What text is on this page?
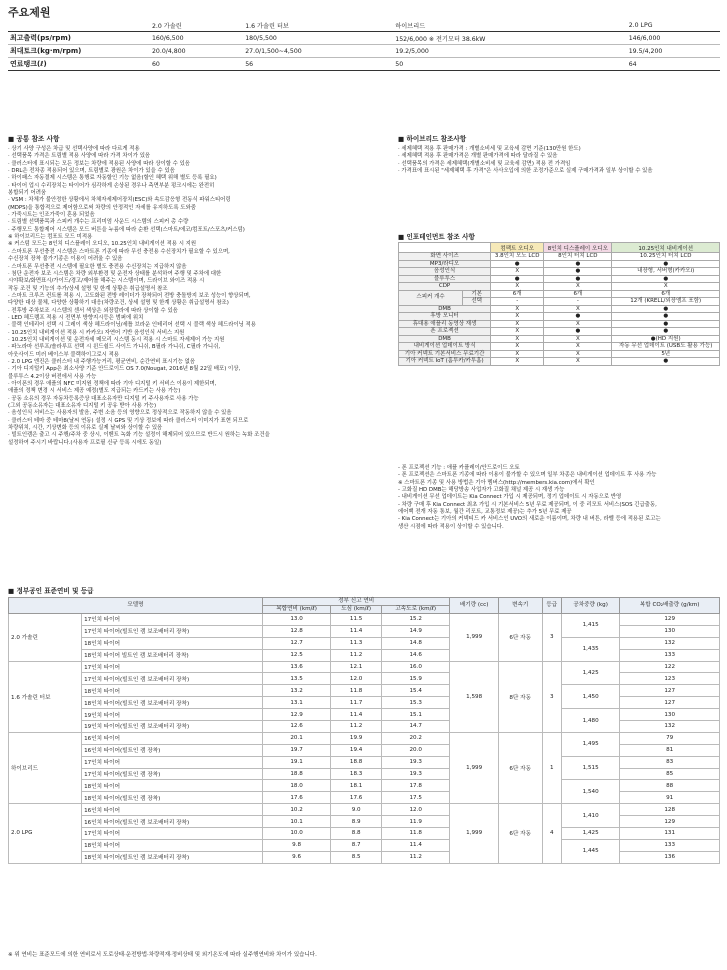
주요제원
	2.0 가솔린	1.6 가솔린 터보	하이브리드	2.0 LPG
최고출력(ps/rpm)	160/6,500	180/5,500	152/6,000 ※ 전기모터 38.6kW	146/6,000
최대토크(kg·m/rpm)	20.0/4,800	27.0/1,500~4,500	19.2/5,000	19.5/4,200
연료탱크(ℓ)	60	56	50	64
■ 공통 참조 사항
· 상기 사양 구성은 차급 및 선택사양에 따라 다르게 적용
· 선택품목 가격은 트림별 적용 사양에 따라 가격 차이가 있음
· 클러스터에 표시되는 모든 정보는 차량에 적용된 사양에 따라 상이할 수 있음
· DRL은 전차종 적용되어 있으며, 트림별로 광원은 차이가 있을 수 있음
· 하이패스 자동결제 시스템은 통행료 자동할인 기능 없음(할인 혜택 위해 별도 등록 필요)
· 타이어 업시 수리장치는 타이어가 심각하게 손상된 경우나 측면부분 펑크시에는 완전히
봉합되기 어려움
· VSM : 차체가 불안정한 상황에서 차체자세제어장치(ESC)와 속도감응형 전동식 파워스티어링
(MDPS)을 통합적으로 제어함으로써 차량의 안정적인 자세를 유지하도록 도와줌
· 가죽시트는 인조가죽이 혼용 되었음
· 트림별 선택품목과 스피커 개수는 프리미엄 사운드 시스템의 스피커 총 수량
· 주행모드 통합제어 시스템은 모드 버튼을 누름에 따라 순환 선택(스마트/에코/컴포트/스포츠/커스텀)
※ 하이브리드는 컴포트 모드 미적용
※ 커스텀 모드는 8인치 디스플레이 오디오, 10.25인치 내비게이션 적용 시 지원
· 스마트폰 무선충전 시스템은 스마트폰 기종에 따라 무선 충전용 수신장치가 필요할 수 있으며,
수신장치 장착 불가기종은 이용이 어려울 수 있음
· 스마트폰 무선충전 시스템에 필요한 별도 충전용 수신장치는 지급하지 않음
· 첨단 운전자 보조 시스템은 차량 외부환경 및 운전자 상태를 분석하여 주행 및 주차에 대한
시야확보/화면표시/가이드/경고/제어를 해주는 시스템이며, 드라이브 와이즈 적용 시
작동 조건 및 기능의 추가/상세 설명 및 한계 상황은 취급설명서 참조
· 스마트 크루즈 컨트롤 적용 시, 고도화된 전방 레이더가 장착되어 전방 충돌방지 보조 성능이 향상되며,
다양한 대상 물체, 다양한 상황하기 대응(차량조건, 상세 설명 및 한계 상황은 취급설명서 참조)
· 전후방 주차보조 시스템의 센서 색상은 외장칼라에 따라 상이할 수 있음
· LED 헤드램프 적용 시 전면부 방향지시등은 범퍼에 위치
· 블랙 인테리어 선택 시 그레이 색상 헤드라이닝/세틀 브라운 인테리어 선택 시 블랙 색상 헤드라이닝 적용
· 10.25인치 내비게이션 적용 시 카카오i 자연어 기반 음성인식 서비스 지원
· 10.25인치 내비게이션 및 운전자세 메모리 시스템 동시 적용 시 스마트 자세제어 가능 지원
· 파노라마 선루프/솔라루프 선택 시 윈드쉴드 사이드 가니쉬, B필라 가니쉬, C필라 가니쉬,
아웃사이드 미러 베이스부 블랙하이그로시 적용
· 2.0 LPG 엔진은 클러스터 내 주행가능거리, 평균연비, 순간연비 표시기능 없음
· 기아 디지털키 App은 최소사양 기준 안드로이드 OS 7.0(Nougat, 2016년 8월 22일 배포) 이상,
블루투스 4.2이상 버전에서 사용 가능
· 아이폰의 경우 애플의 NFC 미지원 정책에 따라 기아 디지털 키 서비스 이용이 제한되며,
애플의 정책 변경 시 서비스 제공 예정(별도 지급되는 카드키는 사용 가능)
· 공동 소유의 경우 자동차등록증상 대표소유자만 디지털 키 주사용자로 사용 가능
(그외 공동소유자는 대표소유자 디지털 키 공유 받아 사용 가능)
· 음성인식 서비스는 사용자의 발음, 주변 소음 등의 영향으로 정상적으로 작동하지 않을 수 있음
· 클러스터 테마 중 테마8(날씨 연동) 설정 시 GPS 및 기상 정보에 따라 클러스터 이미지가 표현 되므로
차량위치, 시간, 기상변화 등의 이유로 실제 날씨와 상이할 수 있음
· 빌트인캠은 출고 시 주행/주차 중 상시, 이벤트 녹화 기능 설정이 해제되어 있으므로 반드시 원하는 녹화 조건을
설정하여 주시기 바랍니다.(사용자 프로필 신규 등록 시에도 동일)
■ 하이브리드 참조사항
· 세제혜택 적용 후 판매가격 : 개별소비세 및 교육세 감면 기준(130만원 한도)
· 세제혜택 적용 후 판매가격은 개별 판매가격에 따라 달라질 수 있음
· 선택품목의 가격은 세제혜택(개별소비세 및 교육세 감면) 적용 전 가격임
· 가격표에 표시된 "세제혜택 후 가격"은 사사오입에 의한 조정가준으로 실제 구매가격과 일부 상이할 수 있음
■ 인포테인먼트 참조 사항
		컴팩트 오디오	8인치 디스플레이 오디오	10.25인치 내비게이션
화면 사이즈		3.8인치 모노 LCD	8인치 터치 LCD	10.25인치 터치 LCD
MP3/라디오		●	●	●
음성인식		X	●	내장형, 서버형(카카오i)
블루투스		●	●	●
CDP		X	X	X
스피커 개수	기본	6개	6개	6개
	선택	-	-	12개 (KRELL/외장앰프 포함)
DMB		X	X	●
후방 모니터		X	●	●
휴대용 애플리 동영상 재생		X	X	●
폰 프로젝션		X	●	●
DMB		X	X	●(HD 지원)
내비게이션 업데이트 방식		X	X	자동 무선 업데이트 (USB도 활용 가능)
기아 커넥트 기본서비스 무료기간		X	X	5년
기아 커넥트 IoT (홈투카/카투홈)		X	X	●
- 폰 프로젝션 기능 : 애플 카플레이/안드로이드 오토
- 폰 프로젝션은 스마트폰 기종에 따라 이용이 불가할 수 있으며 일부 차종은 내비게이션 업데이트 후 사용 가능
※ 스마트폰 기종 및 사용 방법은 기아 멤버스(http://members.kia.com)에서 확인
- 고화질 HD DMB는 해당방송 사업자가 고화질 채널 제공 시 재생 가능
- 내비게이션 무선 업데이트는 Kia Connect 가입 시 제공되며, 정기 업데이트 시 자동으로 반영
- 차량 구매 후 Kia Connect 최초 가입 시 기본서비스 5년 무료 제공되며, 이 중 리모트 서비스(SOS 긴급출동,
에어백 전개 자동 통보, 월간 리포트, 교통정보 제공)는 추가 5년 무료 제공
- Kia Connect는 기아의 커넥티드 카 서비스인 UVO의 새로운 이름이며, 차량 내 버튼, 라벨 등에 적용된 로고는
생산 시점에 따라 적용이 상이할 수 있습니다.
■ 정부공인 표준연비 및 등급
모델명		정부 신고 연비			배기량 (cc)	변속기	등급	공차중량 (kg)	복합 CO₂배출량 (g/km)
		복합연비 (km/ℓ)	도심 (km/ℓ)	고속도로 (km/ℓ)					
2.0 가솔린	17인치 타이어	13.0	11.5	15.2	1,999	6단 자동	3	1,415	129
	17인치 타이어(빌트인 캠 보조배터리 장착)	12.8	11.4	14.9					130
	18인치 타이어	12.7	11.3	14.8				1,435	132
	18인치 타이어 빌트인 캠 보조배터리 장착)	12.5	11.2	14.6					133
1.6 가솔린 터보	17인치 타이어	13.6	12.1	16.0	1,598	8단 자동	3	1,425	122
	17인치 타이어(빌트인 캠 보조배터리 장착)	13.5	12.0	15.9					123
	18인치 타이어	13.2	11.8	15.4				1,450	127
	18인치 타이어(빌트인 캠 보조배터리 장착)	13.1	11.7	15.3					127
	19인치 타이어	12.9	11.4	15.1				1,480	130
	19인치 타이어(빌트인 캠 보조배터리 장착)	12.6	11.2	14.7					132
하이브리드	16인치 타이어	20.1	19.9	20.2	1,999	6단 자동	1	1,495	79
	16인치 타이어(빌트인 캠 장착)	19.7	19.4	20.0					81
	17인치 타이어	19.1	18.8	19.3				1,515	83
	17인치 타이어(빌트인 캠 장착)	18.8	18.3	19.3					85
	18인치 타이어	18.0	18.1	17.8				1,540	88
	18인치 타이어(빌트인 캠 장착)	17.6	17.6	17.5					91
2.0 LPG	16인치 타이어	10.2	9.0	12.0	1,999	6단 자동	4	1,410	128
	16인치 타이어(빌트인 캠 보조배터리 장착)	10.1	8.9	11.9					129
	17인치 타이어	10.0	8.8	11.8				1,425	131
	18인치 타이어	9.8	8.7	11.4				1,445	133
	18인치 타이어(빌트인 캠 보조배터리 장착)	9.6	8.5	11.2					136
※ 위 연비는 표준모드에 의한 연비로서 도로상태·운전방법·차량적재·정비상태 및 외기온도에 따라 실주행연비와 차이가 있습니다.
